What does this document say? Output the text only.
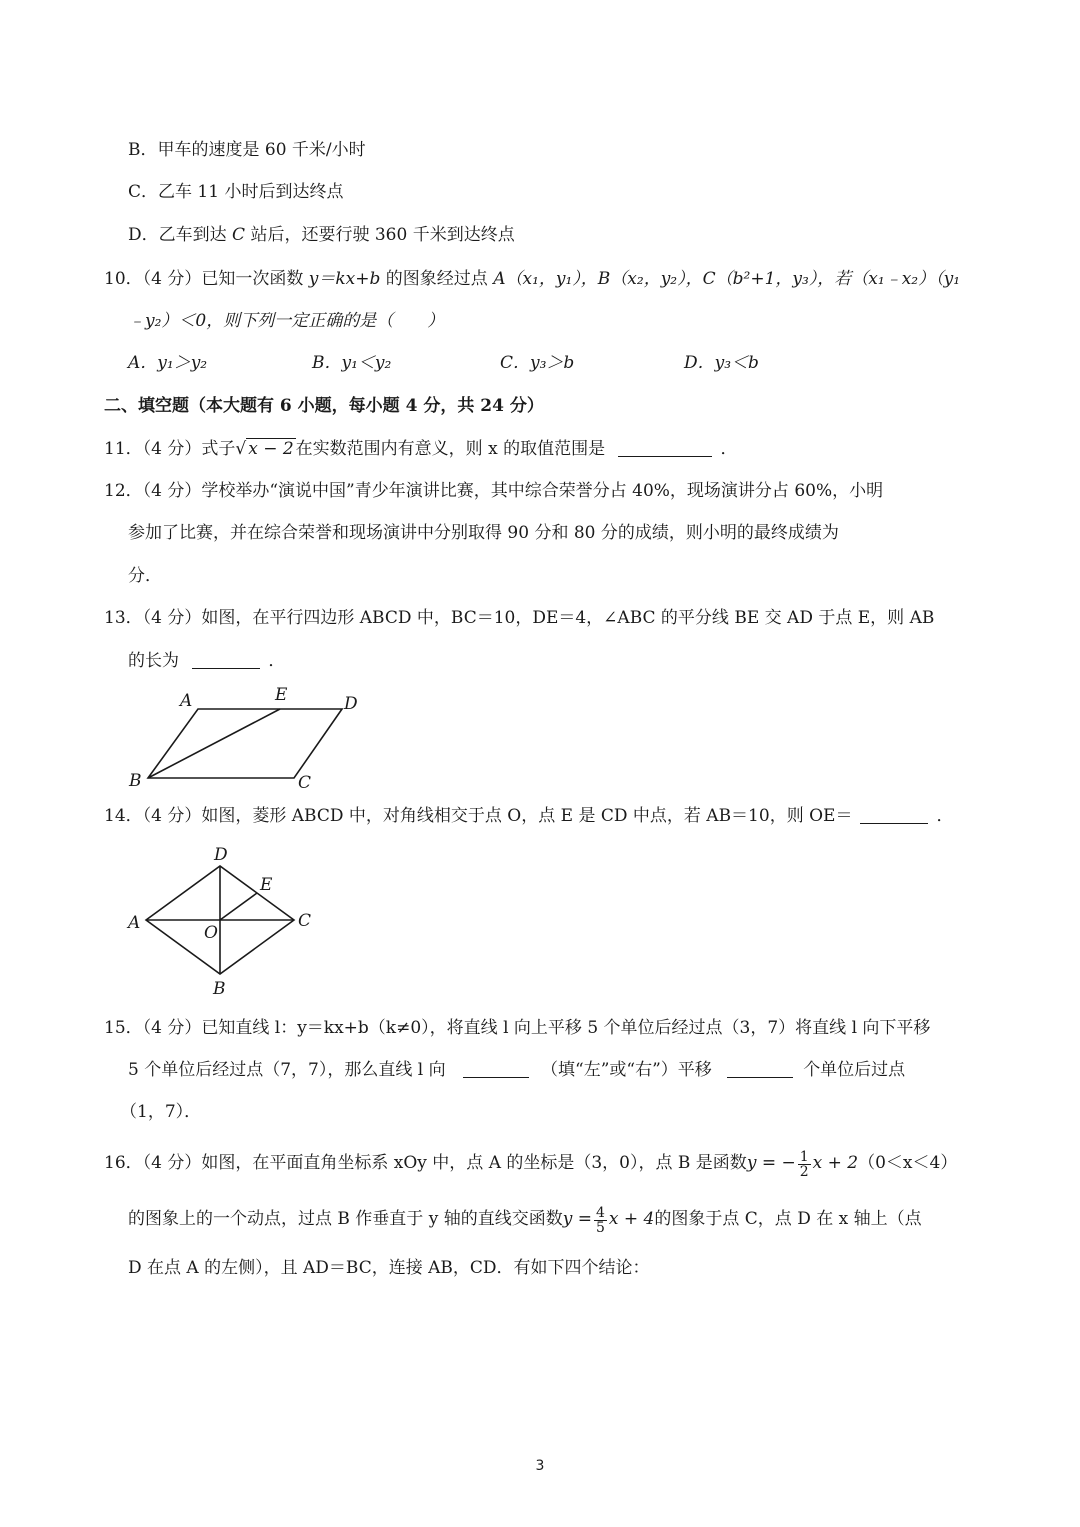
B．甲车的速度是 60 千米/小时
C．乙车 11 小时后到达终点
D．乙车到达 C 站后，还要行驶 360 千米到达终点
10．（4 分）已知一次函数 y＝kx+b 的图象经过点 A（x₁，y₁），B（x₂，y₂），C（b²+1，y₃），若（x₁﹣x₂）（y₁
﹣y₂）＜0，则下列一定正确的是（　　）
A．y₁＞y₂	B．y₁＜y₂	C．y₃＞b	D．y₃＜b
二、填空题（本大题有 6 小题，每小题 4 分，共 24 分）
11．（4 分）式子√ x − 2 在实数范围内有意义，则 x 的取值范围是	．
12．（4 分）学校举办“演说中国”青少年演讲比赛，其中综合荣誉分占 40%，现场演讲分占 60%，小明
参加了比赛，并在综合荣誉和现场演讲中分别取得 90 分和 80 分的成绩，则小明的最终成绩为
分．
13．（4 分）如图，在平行四边形 ABCD 中，BC＝10，DE＝4，∠ABC 的平分线 BE 交 AD 于点 E，则 AB
的长为	．
A	E	D
B	C
14．（4 分）如图，菱形 ABCD 中，对角线相交于点 O，点 E 是 CD 中点，若 AB＝10，则 OE＝	．
D
E
A	C
O
B
15．（4 分）已知直线 l：y＝kx+b（k≠0），将直线 l 向上平移 5 个单位后经过点（3，7）将直线 l 向下平移
5 个单位后经过点（7，7），那么直线 l 向	（填“左”或“右”）平移	个单位后过点
（1，7）．
16．（4 分）如图，在平面直角坐标系 xOy 中，点 A 的坐标是（3，0），点 B 是函数y = − $\frac{1}{2}$ x + 2（0＜x＜4）
的图象上的一个动点，过点 B 作垂直于 y 轴的直线交函数$y = \frac{4}{5}$ x + 4的图象于点 C，点 D 在 x 轴上（点
D 在点 A 的左侧），且 AD＝BC，连接 AB，CD．有如下四个结论：
3
